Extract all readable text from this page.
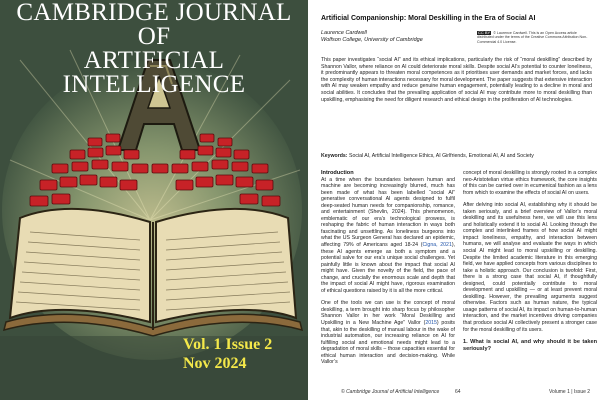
CAMBRIDGE JOURNAL OF
ARTIFICIAL INTELLIGENCE
Vol. 1 Issue 2
Nov 2024
Artificial Companionship: Moral Deskilling in the Era of Social AI
Laurence Cardwell
Wolfson College, University of Cambridge
CC BY © Laurence Cardwell. This is an Open Access article distributed under the terms of the Creative Commons Attribution Non-Commercial 4.0 License.
This paper investigates “social AI” and its ethical implications, particularly the risk of “moral deskilling” described by Shannon Vallor, where reliance on AI could deteriorate moral skills. Despite social AI’s potential to counter loneliness, it predominantly appears to threaten moral competences as it prioritises user demands and market forces, and lacks the complexity of human interactions necessary for moral development. The paper suggests that extensive interaction with AI may weaken empathy and reduce genuine human engagement, potentially leading to a decline in moral and social abilities. It concludes that the prevailing application of social AI may contribute more to moral deskilling than upskilling, emphasising the need for diligent research and ethical design in the proliferation of AI technologies.
Keywords: Social AI, Artificial Intelligence Ethics, AI Girlfriends, Emotional AI, AI and Society
Introduction

At a time when the boundaries between human and machine are becoming increasingly blurred, much has been made of what has been labelled “social AI” generative conversational AI agents designed to fulfil deep-seated human needs for companionship, romance, and entertainment (Shevlin, 2024). This phenomenon, emblematic of our era’s technological prowess, is reshaping the fabric of human interaction in ways both fascinating and unsettling. As loneliness burgeons into what the US Surgeon General has declared an epidemic, affecting 79% of Americans aged 18-24 (Cigna, 2021), these AI agents emerge as both a symptom and a potential salve for our era’s unique social challenges. Yet painfully little is known about the impact that social AI might have. Given the novelty of the field, the pace of change, and crucially the enormous scale and depth that the impact of social AI might have, rigorous examination of ethical questions raised by it is all the more critical.

One of the tools we can use is the concept of moral deskilling, a term brought into sharp focus by philosopher Shannon Vallor in her work “Moral Deskilling and Upskilling in a New Machine Age” Vallor (2015) posits that, akin to the deskilling of manual labour in the wake of industrial automation, our increasing reliance on AI for fulfilling social and emotional needs might lead to a degradation of moral skills – those capacities essential for ethical human interaction and decision-making. While Vallor’s

concept of moral deskilling is strongly rooted in a complex neo-Aristotelian virtue ethics framework, the core insights of this can be carried over in ecumenical fashion as a lens from which to examine the effects of social AI on users.

After delving into social AI, establishing why it should be taken seriously, and a brief overview of Vallor’s moral deskilling and its usefulness here, we will use this lens and holistically extend it to social AI. Looking through the complex and interlinked frames of how social AI might impact loneliness, empathy, and interaction between humans, we will analyse and evaluate the ways in which social AI might lead to moral upskilling or deskilling. Despite the limited academic literature in this emerging field, we have applied concepts from various disciplines to take a holistic approach. Our conclusion is twofold: First, there is a strong case that social AI, if thoughtfully designed, could potentially contribute to moral development and upskilling — or at least prevent moral deskilling. However, the prevailing arguments suggest otherwise. Factors such as human nature, the typical usage patterns of social AI, its impact on human-to-human interaction, and the market incentives driving companies that produce social AI collectively present a stronger case for the moral deskilling of its users.

1. What is social AI, and why should it be taken seriously?
© Cambridge Journal of Artificial Intelligence	64	Volume 1 | Issue 2
